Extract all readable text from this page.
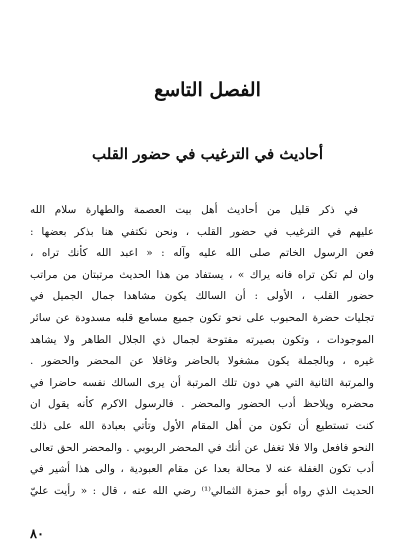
الفصل التاسع
أحاديث في الترغيب في حضور القلب
في ذكر قليل من أحاديث أهل بيت العصمة والطهارة سلام الله
عليهم في الترغيب في حضور القلب ، ونحن نكتفي هنا بذكر بعضها :
فعن الرسول الخاتم صلى الله عليه وآله : « اعبد الله كأنك تراه ،
وان لم تكن تراه فانه يراك » ، يستفاد من هذا الحديث مرتبتان من مراتب
حضور القلب ، الأولى : أن السالك يكون مشاهدا جمال الجميل في
تجليات حضرة المحبوب على نحو تكون جميع مسامع قلبه مسدودة عن سائر
الموجودات ، وتكون بصيرته مفتوحة لجمال ذي الجلال الطاهر ولا يشاهد
غيره ، وبالجملة يكون مشغولا بالحاضر وغافلا عن المحضر والحضور .
والمرتبة الثانية التي هي دون تلك المرتبة أن يرى السالك نفسه حاضرا في
محضره ويلاحظ أدب الحضور والمحضر . فالرسول الاكرم كأنه يقول ان
كنت تستطيع أن تكون من أهل المقام الأول وتأتي بعبادة الله على ذلك
النحو فافعل والا فلا تغفل عن أنك في المحضر الربوبي . والمحضر الحق تعالى
أدب تكون الغفلة عنه لا محالة بعدا عن مقام العبودية ، والى هذا أشير في
الحديث الذي رواه أبو حمزة الثمالي⁽¹⁾ رضي الله عنه ، قال : « رأيت عليّ
٨٠
